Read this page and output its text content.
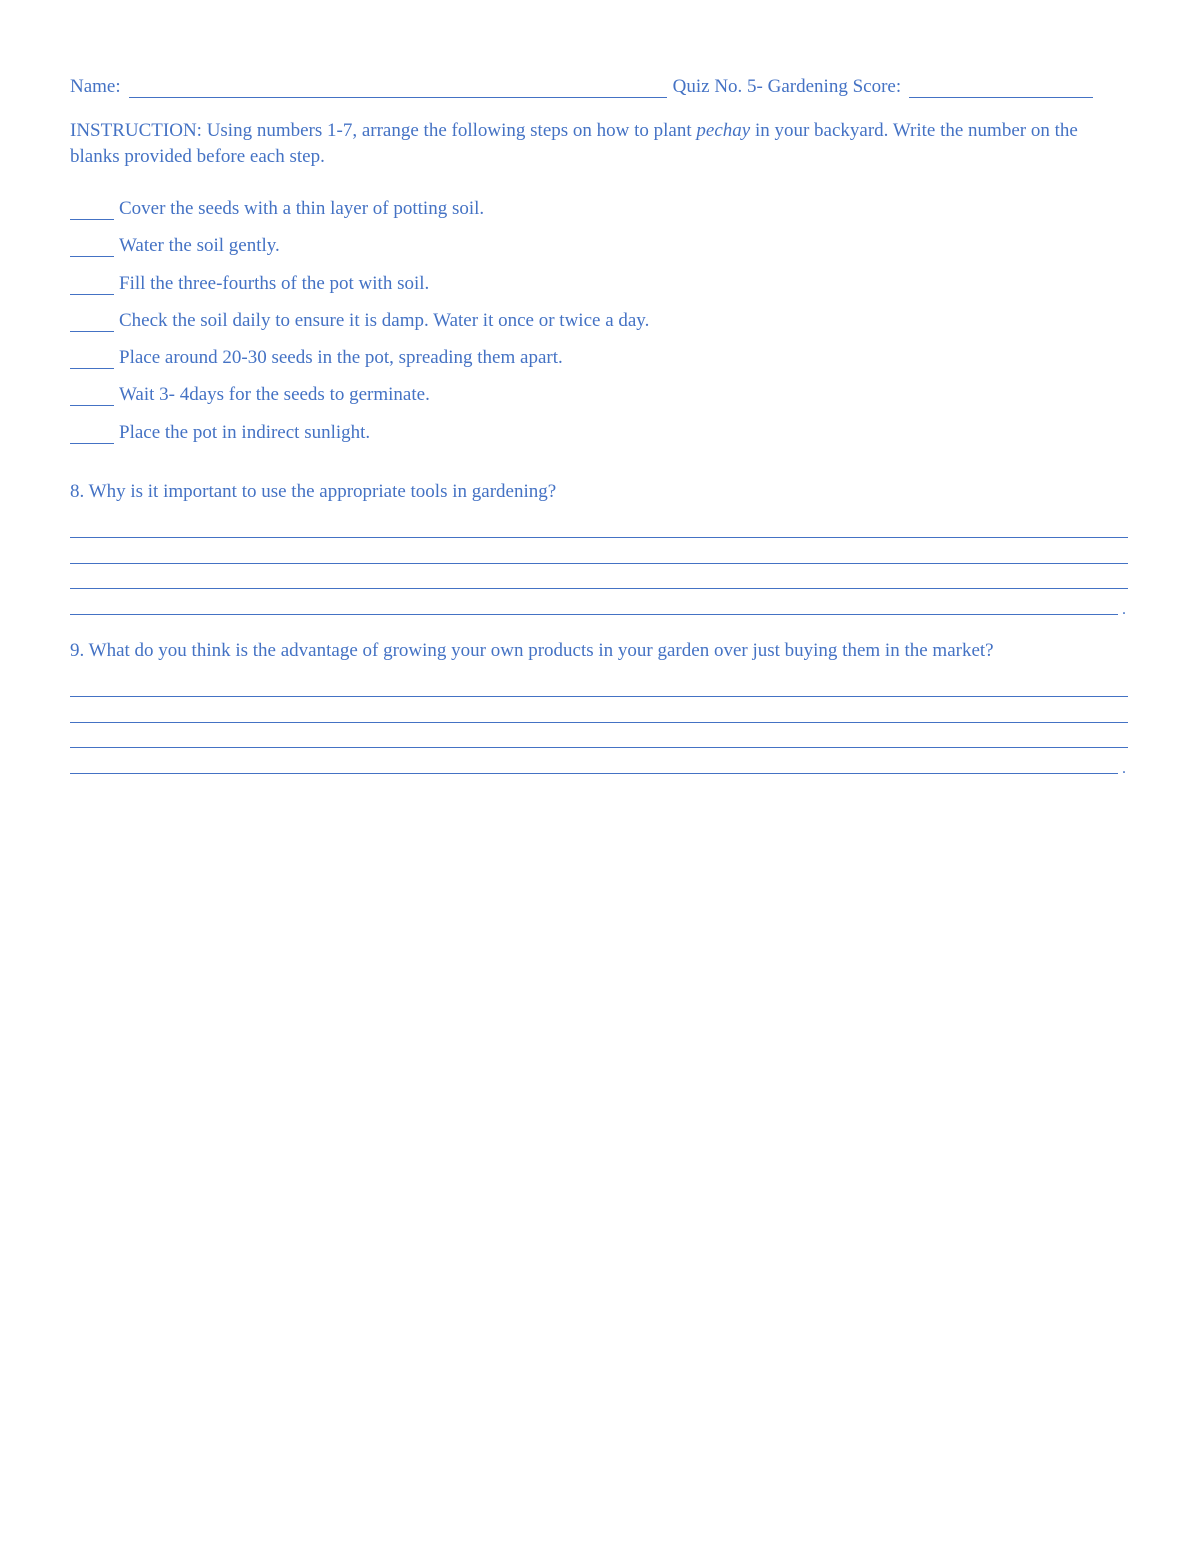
Name:	Quiz No. 5- Gardening Score:
INSTRUCTION: Using numbers 1-7, arrange the following steps on how to plant pechay in your backyard. Write the number on the blanks provided before each step.
Cover the seeds with a thin layer of potting soil.
Water the soil gently.
Fill the three-fourths of the pot with soil.
Check the soil daily to ensure it is damp. Water it once or twice a day.
Place around 20-30 seeds in the pot, spreading them apart.
Wait 3- 4days for the seeds to germinate.
Place the pot in indirect sunlight.
8. Why is it important to use the appropriate tools in gardening?
.
9. What do you think is the advantage of growing your own products in your garden over just buying them in the market?
.
